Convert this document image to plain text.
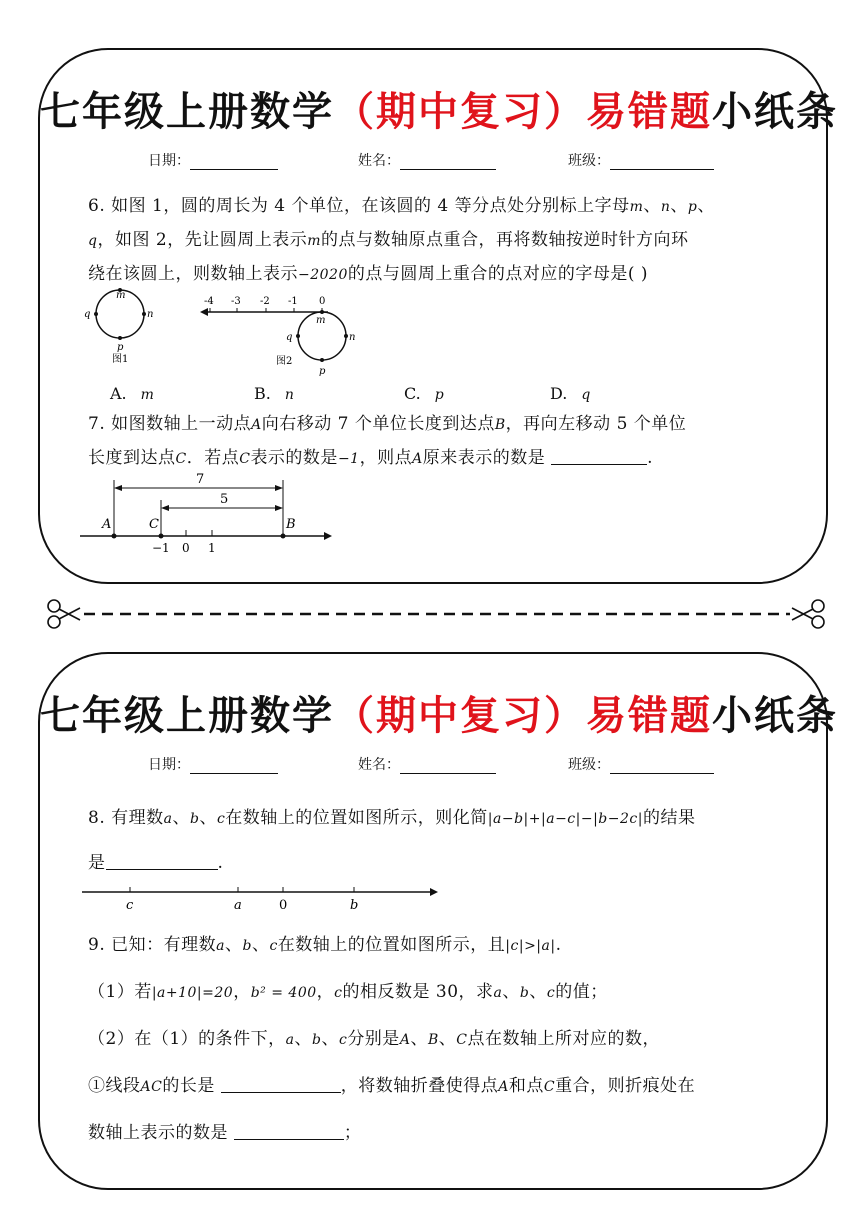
七年级上册数学（期中复习）易错题小纸条
日期：	姓名：	班级：
6. 如图 1，圆的周长为 4 个单位，在该圆的 4 等分点处分别标上字母m、n、p、
q，如图 2，先让圆周上表示m的点与数轴原点重合，再将数轴按逆时针方向环
绕在该圆上，则数轴上表示−2020的点与圆周上重合的点对应的字母是( )
m
n
p
q
图1
-4 -3 -2 -1 0
m
n
p
q
图2
A. m	B. n	C. p	D. q
7. 如图数轴上一动点A向右移动 7 个单位长度到达点B，再向左移动 5 个单位
长度到达点C．若点C表示的数是−1，则点A原来表示的数是	.
7
5
A	C	B
−1 0 1
七年级上册数学（期中复习）易错题小纸条
日期：	姓名：	班级：
8. 有理数a、b、c在数轴上的位置如图所示，则化简|a−b|+|a−c|−|b−2c|的结果
是	.
c	a	0	b
9. 已知：有理数a、b、c在数轴上的位置如图所示，且|c|>|a|.
（1）若|a+10|=20，b² = 400，c的相反数是 30，求a、b、c的值；
（2）在（1）的条件下，a、b、c分别是A、B、C点在数轴上所对应的数，
①线段AC的长是	，将数轴折叠使得点A和点C重合，则折痕处在
数轴上表示的数是	；
